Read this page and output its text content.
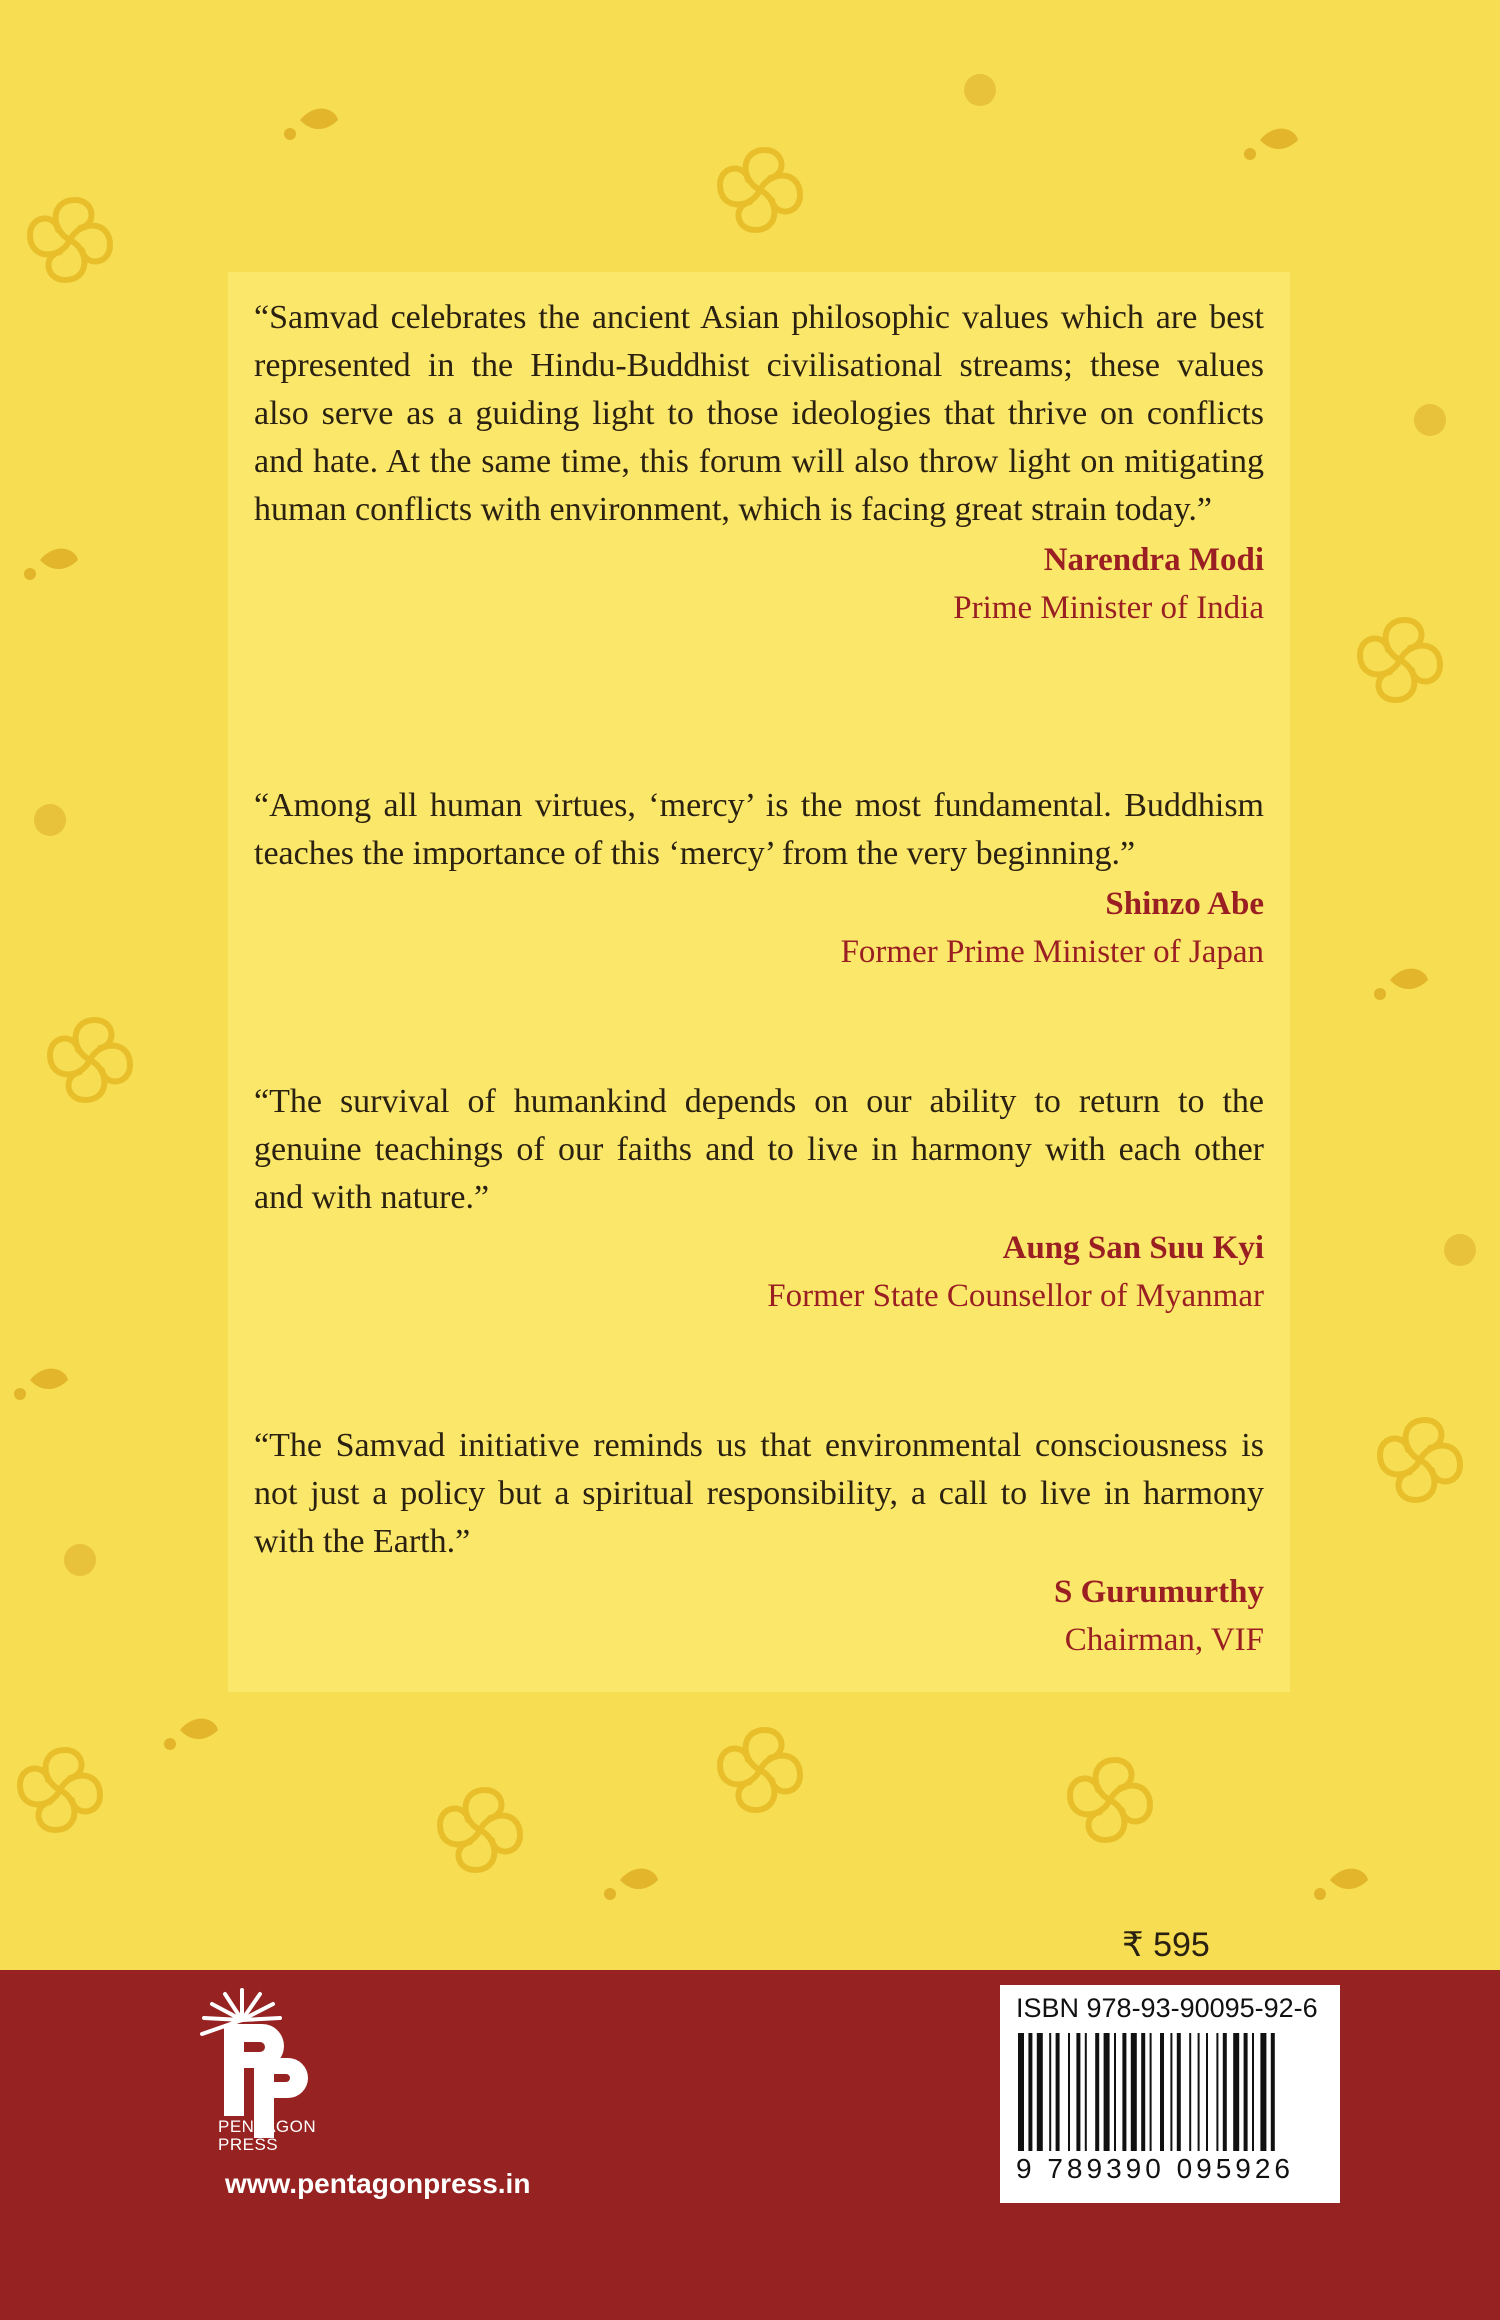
“Samvad celebrates the ancient Asian philosophic values which are best represented in the Hindu-Buddhist civilisational streams; these values also serve as a guiding light to those ideologies that thrive on conflicts and hate. At the same time, this forum will also throw light on mitigating human conflicts with environment, which is facing great strain today.”

Narendra Modi
Prime Minister of India

“Among all human virtues, ‘mercy’ is the most fundamental. Buddhism teaches the importance of this ‘mercy’ from the very beginning.”

Shinzo Abe
Former Prime Minister of Japan

“The survival of humankind depends on our ability to return to the genuine teachings of our faiths and to live in harmony with each other and with nature.”

Aung San Suu Kyi
Former State Counsellor of Myanmar

“The Samvad initiative reminds us that environmental consciousness is not just a policy but a spiritual responsibility, a call to live in harmony with the Earth.”

S Gurumurthy
Chairman, VIF
₹ 595
PENTAGON PRESS
www.pentagonpress.in
ISBN 978-93-90095-92-6
9 789390 095926
